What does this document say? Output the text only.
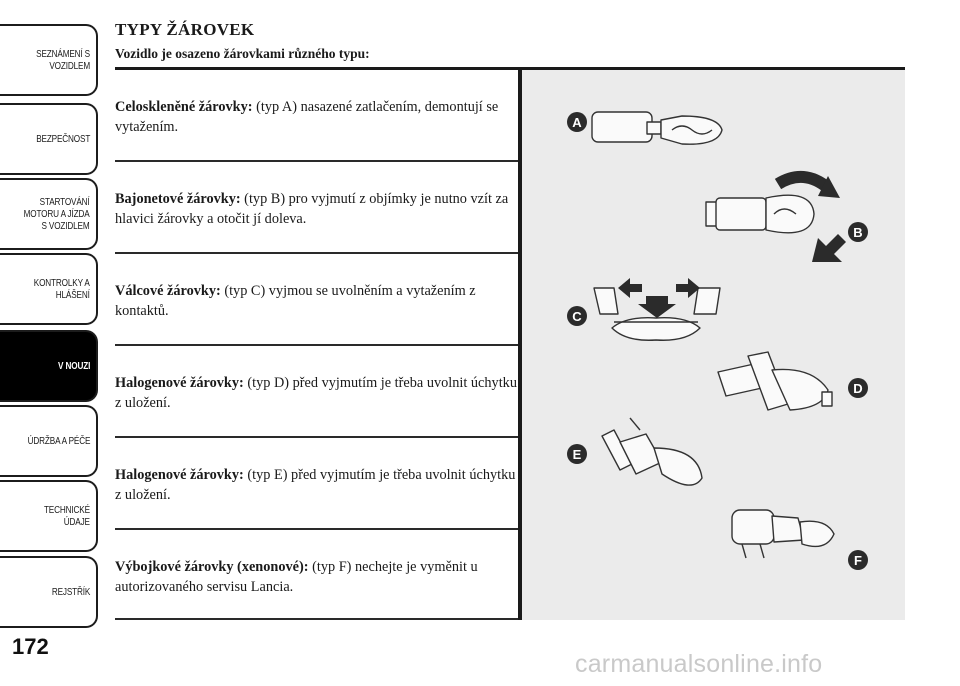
SEZNÁMENÍ S
VOZIDLEM
BEZPEČNOST
STARTOVÁNÍ
MOTORU A JÍZDA
S VOZIDLEM
KONTROLKY A
HLÁŠENÍ
V NOUZI
ÚDRŽBA A PÉČE
TECHNICKÉ
ÚDAJE
REJSTŘÍK
172
TYPY ŽÁROVEK
Vozidlo je osazeno žárovkami různého typu:
Celoskleněné žárovky: (typ A) nasazené zatlačením, demontují se vytažením.
Bajonetové žárovky: (typ B) pro vyjmutí z objímky je nutno vzít za hlavici žárovky a otočit jí doleva.
Válcové žárovky: (typ C) vyjmou se uvolněním a vytažením z kontaktů.
Halogenové žárovky: (typ D) před vyjmutím je třeba uvolnit úchytku z uložení.
Halogenové žárovky: (typ E) před vyjmutím je třeba uvolnit úchytku z uložení.
Výbojkové žárovky (xenonové): (typ F) nechejte je vyměnit u autorizovaného servisu Lancia.
A
B
C
D
E
F
carmanualsonline.info
